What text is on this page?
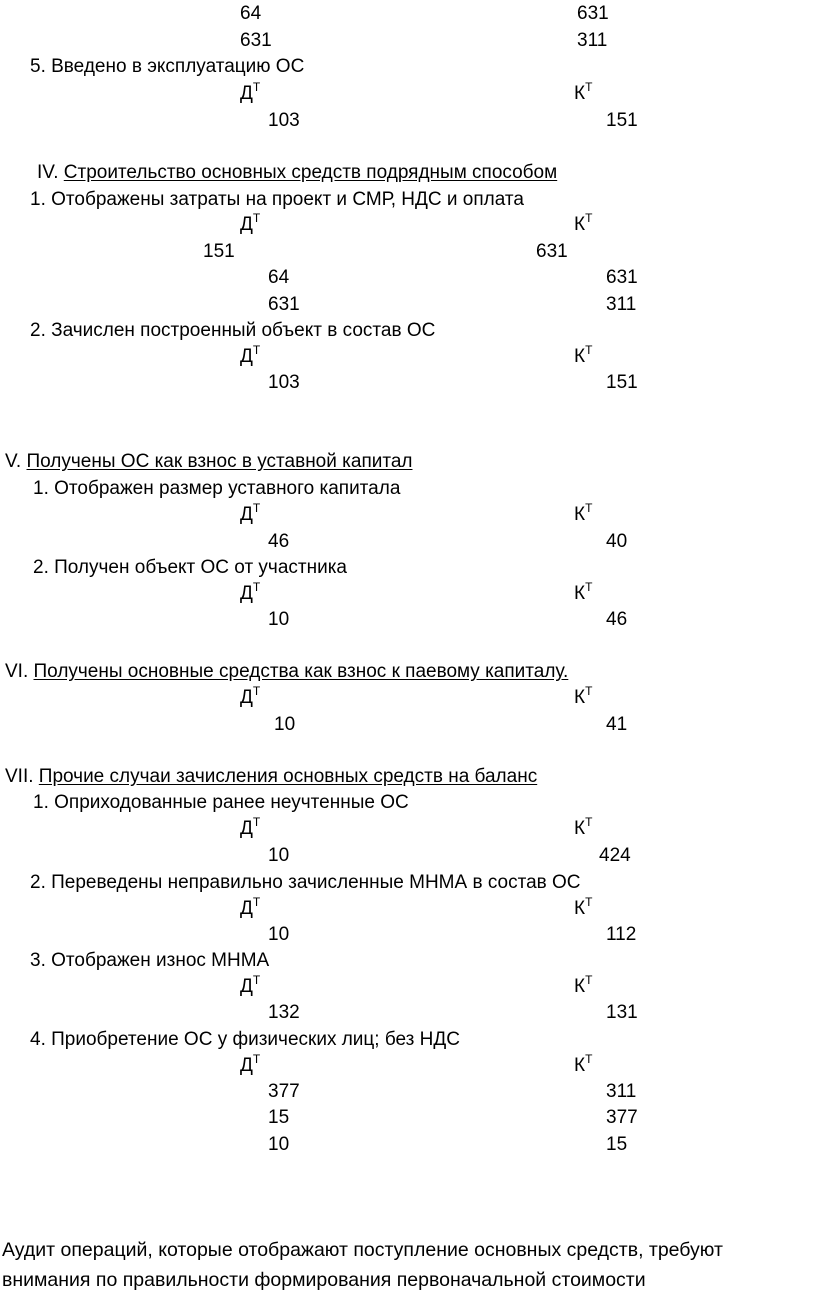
64	631
631	311
5. Введено в эксплуатацию ОС
$Д^Т$	$К^Т$
103	151
IV. Строительство основных средств подрядным способом
1. Отображены затраты на проект и СМР, НДС и оплата
$Д^Т$	$К^Т$
151	631
64	631
631	311
2. Зачислен построенный объект в состав ОС
$Д^Т$	$К^Т$
103	151
V. Получены ОС как взнос в уставной капитал
1. Отображен размер уставного капитала
$Д^Т$	$К^Т$
46	40
2. Получен объект ОС от участника
$Д^Т$	$К^Т$
10	46
VI. Получены основные средства как взнос к паевому капиталу.
$Д^Т$	$К^Т$
10	41
VII. Прочие случаи зачисления основных средств на баланс
1. Оприходованные ранее неучтенные ОС
$Д^Т$	$К^Т$
10	424
2. Переведены неправильно зачисленные МНМА в состав ОС
$Д^Т$	$К^Т$
10	112
3. Отображен износ МНМА
$Д^Т$	$К^Т$
132	131
4. Приобретение ОС у физических лиц; без НДС
$Д^Т$	$К^Т$
377	311
15	377
10	15
Аудит операций, которые отображают поступление основных средств, требуют
внимания по правильности формирования первоначальной стоимости
